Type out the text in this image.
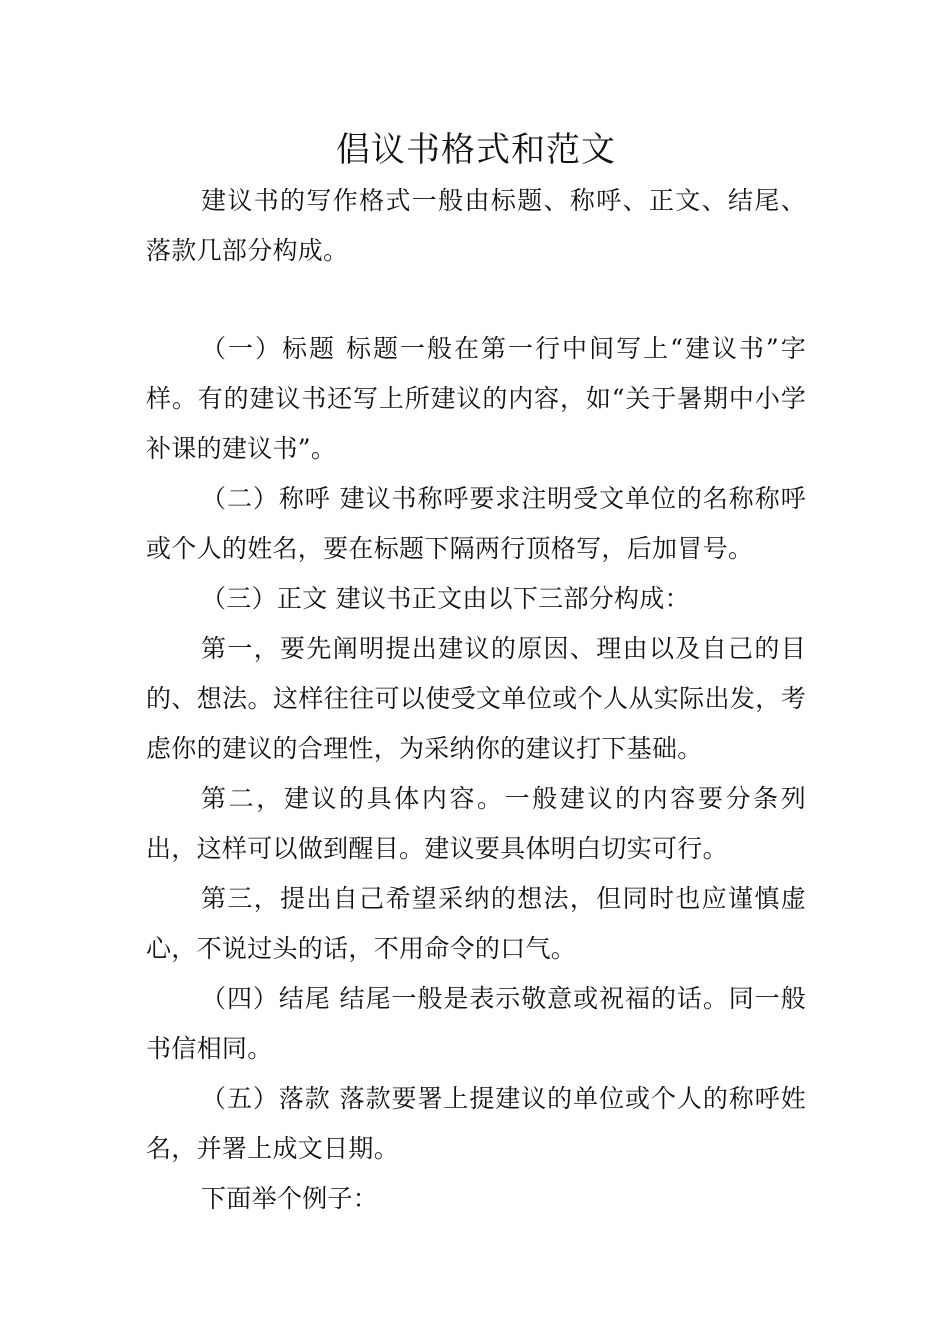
倡议书格式和范文

建议书的写作格式一般由标题、称呼、正文、结尾、落款几部分构成。

（一）标题 标题一般在第一行中间写上“建议书”字样。有的建议书还写上所建议的内容，如“关于暑期中小学补课的建议书”。

（二）称呼 建议书称呼要求注明受文单位的名称称呼或个人的姓名，要在标题下隔两行顶格写，后加冒号。

（三）正文 建议书正文由以下三部分构成：

第一，要先阐明提出建议的原因、理由以及自己的目的、想法。这样往往可以使受文单位或个人从实际出发，考虑你的建议的合理性，为采纳你的建议打下基础。

第二，建议的具体内容。一般建议的内容要分条列出，这样可以做到醒目。建议要具体明白切实可行。

第三，提出自己希望采纳的想法，但同时也应谨慎虚心，不说过头的话，不用命令的口气。

（四）结尾 结尾一般是表示敬意或祝福的话。同一般书信相同。

（五）落款 落款要署上提建议的单位或个人的称呼姓名，并署上成文日期。

下面举个例子：
